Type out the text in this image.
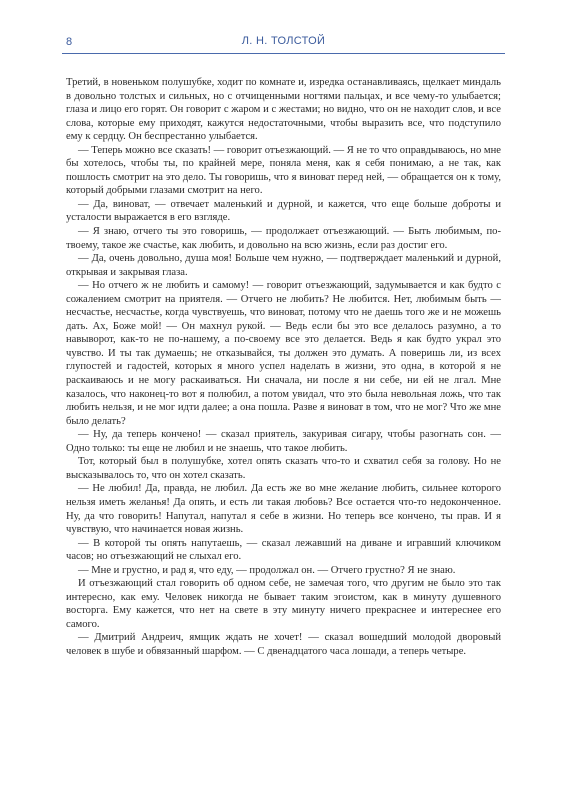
8	Л. Н. ТОЛСТОЙ

Третий, в новеньком полушубке, ходит по комнате и, изредка останавливаясь, щелкает миндаль в довольно толстых и сильных, но с отчищенными ногтями пальцах, и все чему-то улыбается; глаза и лицо его горят. Он говорит с жаром и с жестами; но видно, что он не находит слов, и все слова, которые ему приходят, кажутся недостаточными, чтобы выразить все, что подступило ему к сердцу. Он беспрестанно улыбается.

— Теперь можно все сказать! — говорит отъезжающий. — Я не то что оправдываюсь, но мне бы хотелось, чтобы ты, по крайней мере, поняла меня, как я себя понимаю, а не так, как пошлость смотрит на это дело. Ты говоришь, что я виноват перед ней, — обращается он к тому, который добрыми глазами смотрит на него.

— Да, виноват, — отвечает маленький и дурной, и кажется, что еще больше доброты и усталости выражается в его взгляде.

— Я знаю, отчего ты это говоришь, — продолжает отъезжающий. — Быть любимым, по-твоему, такое же счастье, как любить, и довольно на всю жизнь, если раз достиг его.

— Да, очень довольно, душа моя! Больше чем нужно, — подтверждает маленький и дурной, открывая и закрывая глаза.

— Но отчего ж не любить и самому! — говорит отъезжающий, задумывается и как будто с сожалением смотрит на приятеля. — Отчего не любить? Не любится. Нет, любимым быть — несчастье, несчастье, когда чувствуешь, что виноват, потому что не даешь того же и не можешь дать. Ах, Боже мой! — Он махнул рукой. — Ведь если бы это все делалось разумно, а то навыворот, как-то не по-нашему, а по-своему все это делается. Ведь я как будто украл это чувство. И ты так думаешь; не отказывайся, ты должен это думать. А поверишь ли, из всех глупостей и гадостей, которых я много успел наделать в жизни, это одна, в которой я не раскаиваюсь и не могу раскаиваться. Ни сначала, ни после я ни себе, ни ей не лгал. Мне казалось, что наконец-то вот я полюбил, а потом увидал, что это была невольная ложь, что так любить нельзя, и не мог идти далее; а она пошла. Разве я виноват в том, что не мог? Что же мне было делать?

— Ну, да теперь кончено! — сказал приятель, закуривая сигару, чтобы разогнать сон. — Одно только: ты еще не любил и не знаешь, что такое любить.

Тот, который был в полушубке, хотел опять сказать что-то и схватил себя за голову. Но не высказывалось то, что он хотел сказать.

— Не любил! Да, правда, не любил. Да есть же во мне желание любить, сильнее которого нельзя иметь желанья! Да опять, и есть ли такая любовь? Все остается что-то недоконченное. Ну, да что говорить! Напутал, напутал я себе в жизни. Но теперь все кончено, ты прав. И я чувствую, что начинается новая жизнь.

— В которой ты опять напутаешь, — сказал лежавший на диване и игравший ключиком часов; но отъезжающий не слыхал его.

— Мне и грустно, и рад я, что еду, — продолжал он. — Отчего грустно? Я не знаю.

И отъезжающий стал говорить об одном себе, не замечая того, что другим не было это так интересно, как ему. Человек никогда не бывает таким эгоистом, как в минуту душевного восторга. Ему кажется, что нет на свете в эту минуту ничего прекраснее и интереснее его самого.

— Дмитрий Андреич, ямщик ждать не хочет! — сказал вошедший молодой дворовый человек в шубе и обвязанный шарфом. — С двенадцатого часа лошади, а теперь четыре.
